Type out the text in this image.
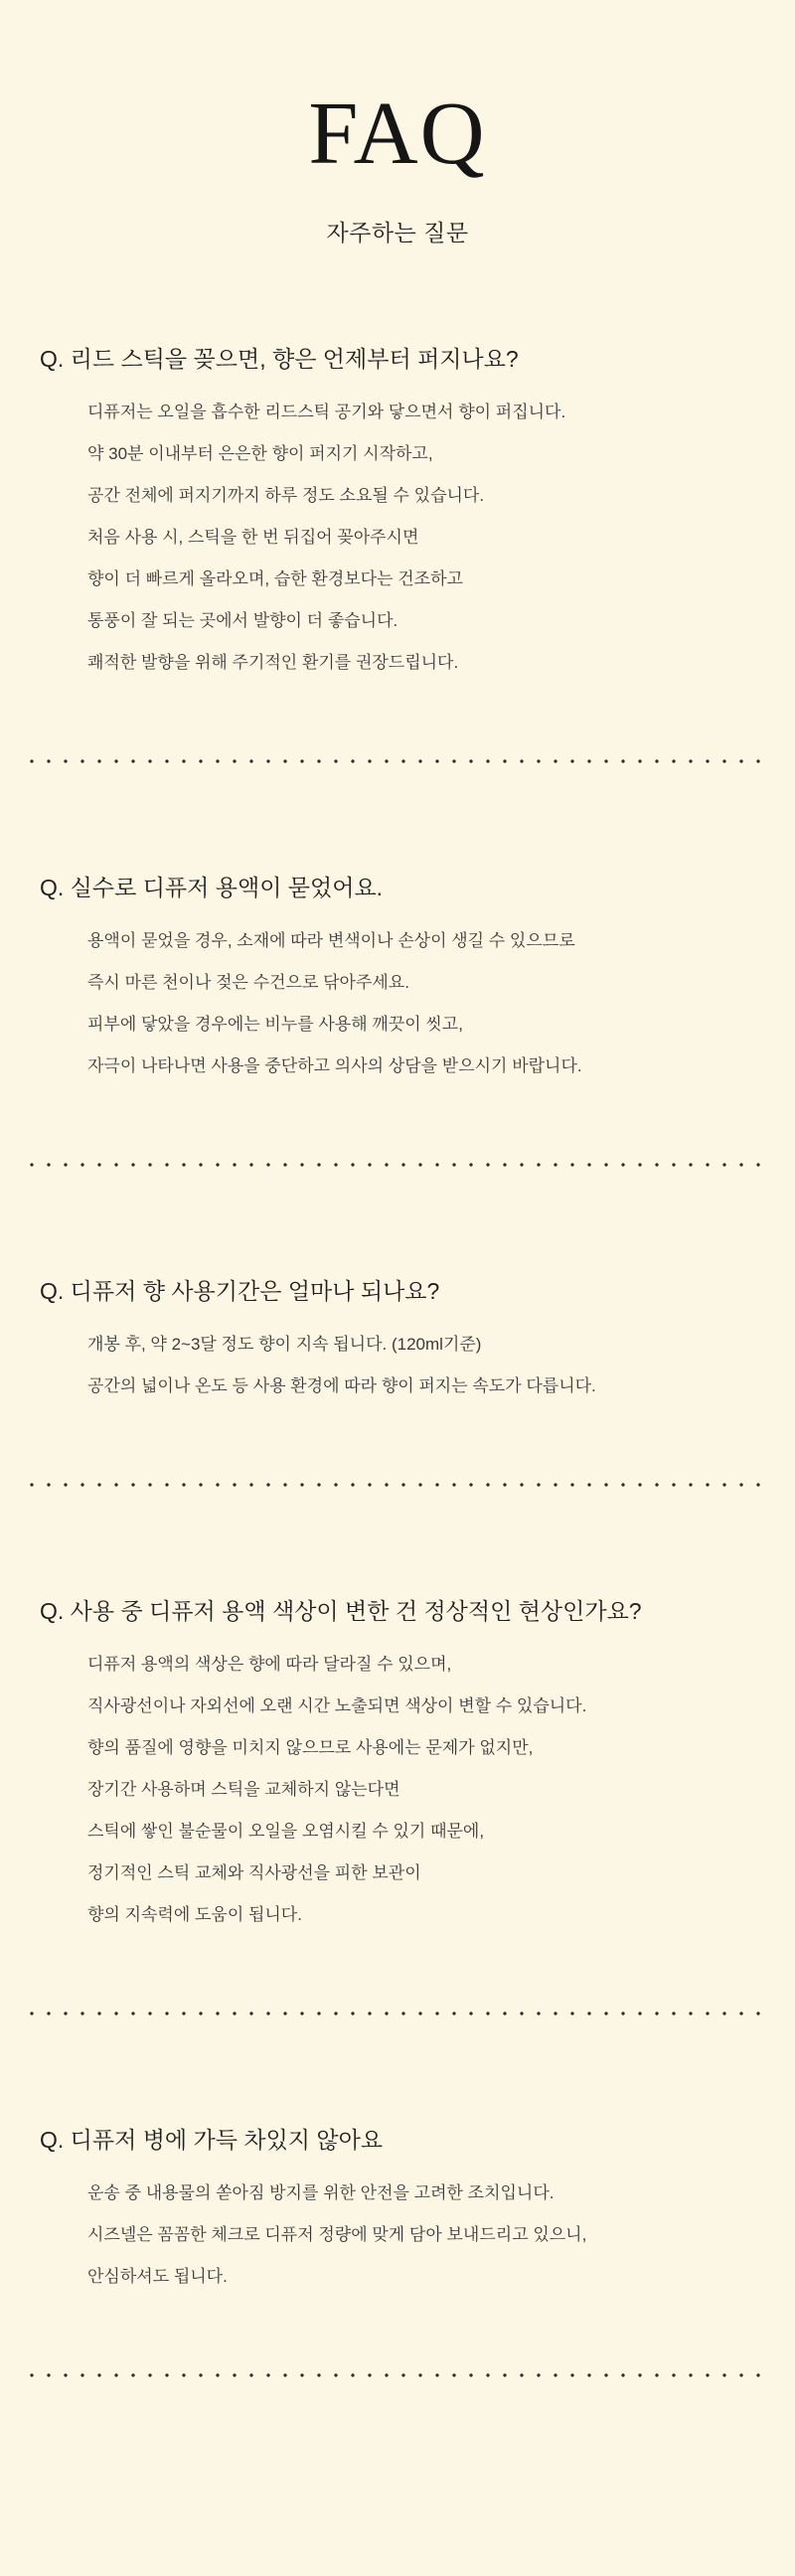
FAQ
자주하는 질문
Q. 리드 스틱을 꽂으면, 향은 언제부터 퍼지나요?

디퓨저는 오일을 흡수한 리드스틱 공기와 닿으면서 향이 퍼집니다.

약 30분 이내부터 은은한 향이 퍼지기 시작하고,

공간 전체에 퍼지기까지 하루 정도 소요될 수 있습니다.

처음 사용 시, 스틱을 한 번 뒤집어 꽂아주시면

향이 더 빠르게 올라오며, 습한 환경보다는 건조하고

통풍이 잘 되는 곳에서 발향이 더 좋습니다.

쾌적한 발향을 위해 주기적인 환기를 권장드립니다.

Q. 실수로 디퓨저 용액이 묻었어요.

용액이 묻었을 경우, 소재에 따라 변색이나 손상이 생길 수 있으므로

즉시 마른 천이나 젖은 수건으로 닦아주세요.

피부에 닿았을 경우에는 비누를 사용해 깨끗이 씻고,

자극이 나타나면 사용을 중단하고 의사의 상담을 받으시기 바랍니다.

Q. 디퓨저 향 사용기간은 얼마나 되나요?

개봉 후, 약 2~3달 정도 향이 지속 됩니다. (120ml기준)

공간의 넓이나 온도 등 사용 환경에 따라 향이 퍼지는 속도가 다릅니다.

Q. 사용 중 디퓨저 용액 색상이 변한 건 정상적인 현상인가요?

디퓨저 용액의 색상은 향에 따라 달라질 수 있으며,

직사광선이나 자외선에 오랜 시간 노출되면 색상이 변할 수 있습니다.

향의 품질에 영향을 미치지 않으므로 사용에는 문제가 없지만,

장기간 사용하며 스틱을 교체하지 않는다면

스틱에 쌓인 불순물이 오일을 오염시킬 수 있기 때문에,

정기적인 스틱 교체와 직사광선을 피한 보관이

향의 지속력에 도움이 됩니다.

Q. 디퓨저 병에 가득 차있지 않아요

운송 중 내용물의 쏟아짐 방지를 위한 안전을 고려한 조치입니다.

시즈넬은 꼼꼼한 체크로 디퓨저 정량에 맞게 담아 보내드리고 있으니,

안심하셔도 됩니다.
